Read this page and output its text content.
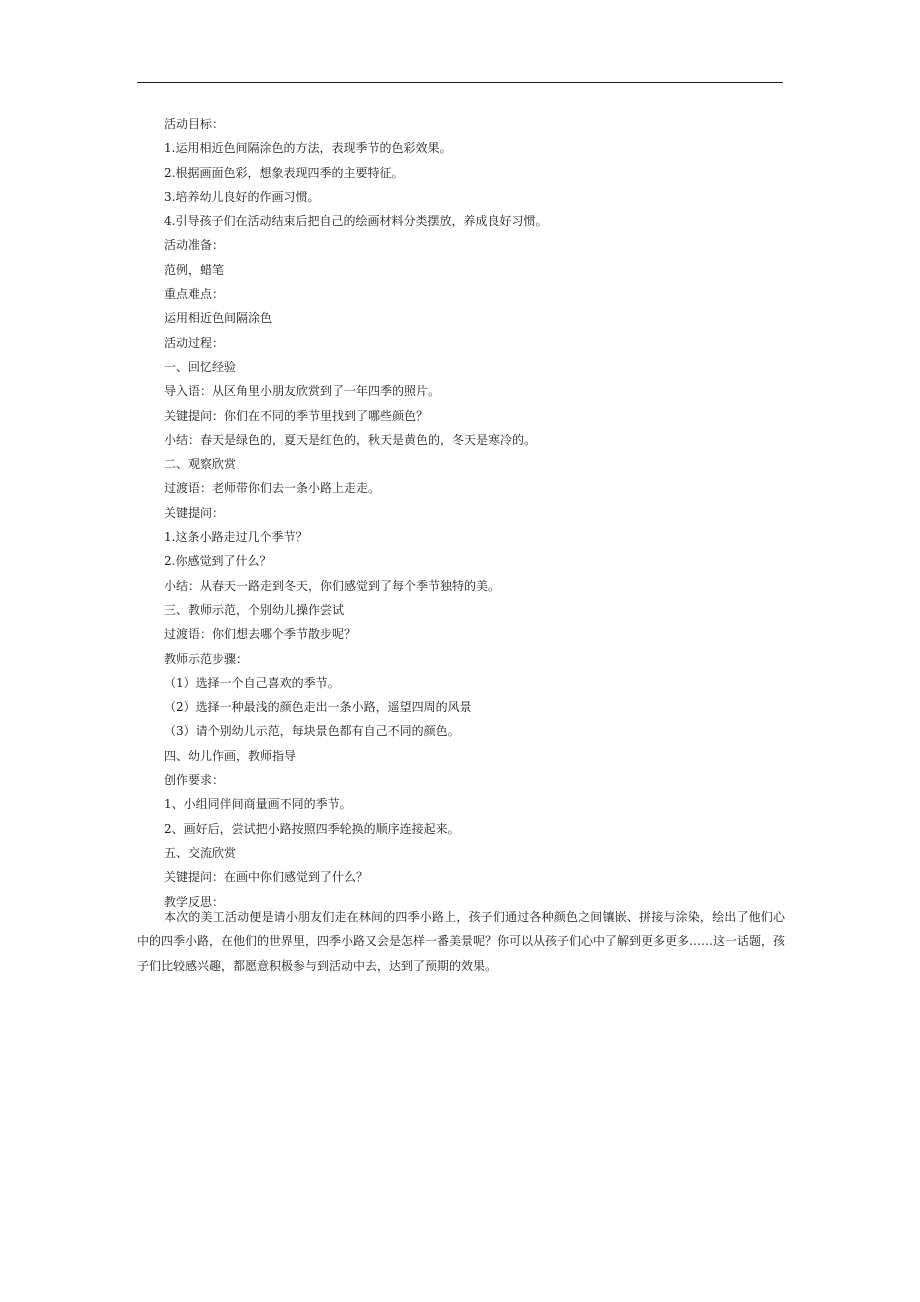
活动目标：
1.运用相近色间隔涂色的方法，表现季节的色彩效果。
2.根据画面色彩，想象表现四季的主要特征。
3.培养幼儿良好的作画习惯。
4.引导孩子们在活动结束后把自己的绘画材料分类摆放，养成良好习惯。
活动准备：
范例，蜡笔
重点难点：
运用相近色间隔涂色
活动过程：
一、回忆经验
导入语：从区角里小朋友欣赏到了一年四季的照片。
关键提问：你们在不同的季节里找到了哪些颜色？
小结：春天是绿色的，夏天是红色的，秋天是黄色的，冬天是寒冷的。
二、观察欣赏
过渡语：老师带你们去一条小路上走走。
关键提问：
1.这条小路走过几个季节？
2.你感觉到了什么？
小结：从春天一路走到冬天，你们感觉到了每个季节独特的美。
三、教师示范，个别幼儿操作尝试
过渡语：你们想去哪个季节散步呢？
教师示范步骤：
（1）选择一个自己喜欢的季节。
（2）选择一种最浅的颜色走出一条小路，遥望四周的风景
（3）请个别幼儿示范，每块景色都有自己不同的颜色。
四、幼儿作画，教师指导
创作要求：
1、小组同伴间商量画不同的季节。
2、画好后，尝试把小路按照四季轮换的顺序连接起来。
五、交流欣赏
关键提问：在画中你们感觉到了什么？
教学反思：
本次的美工活动便是请小朋友们走在林间的四季小路上，孩子们通过各种颜色之间镶嵌、拼接与涂染，绘出了他们心中的四季小路，在他们的世界里，四季小路又会是怎样一番美景呢？你可以从孩子们心中了解到更多更多……这一话题，孩子们比较感兴趣，都愿意积极参与到活动中去，达到了预期的效果。
